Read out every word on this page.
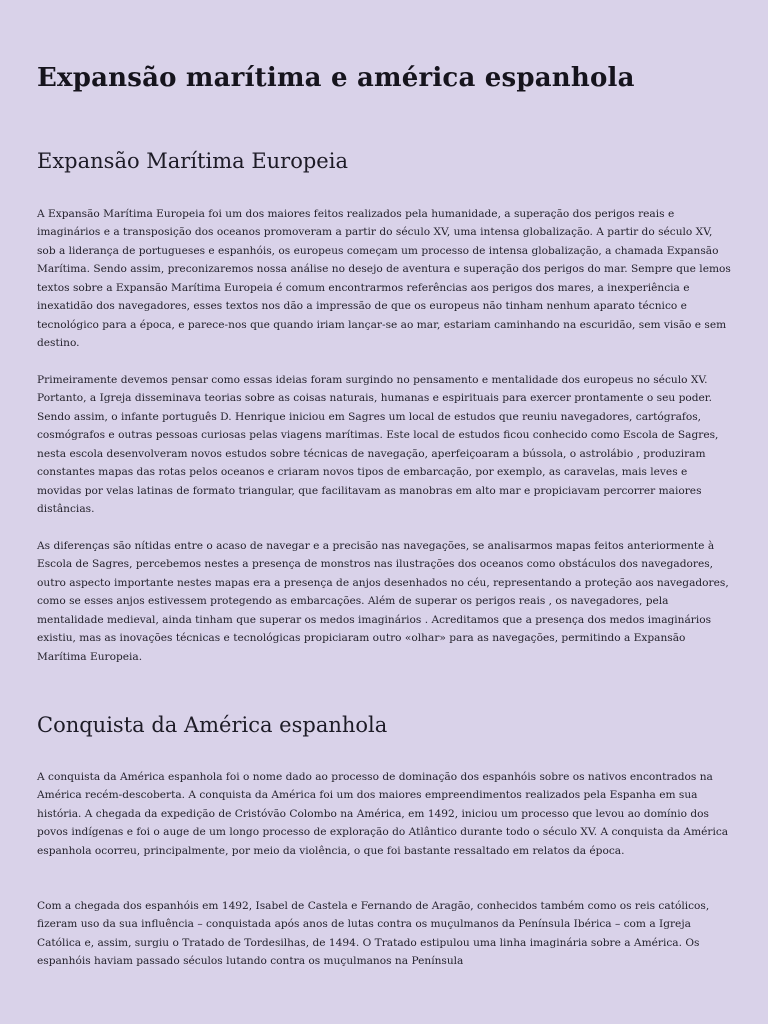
Expansão marítima e américa espanhola
Expansão Marítima Europeia

A Expansão Marítima Europeia foi um dos maiores feitos realizados pela humanidade, a superação dos perigos reais e imaginários e a transposição dos oceanos promoveram a partir do século XV, uma intensa globalização. A partir do século XV, sob a liderança de portugueses e espanhóis, os europeus começam um processo de intensa globalização, a chamada Expansão Marítima. Sendo assim, preconizaremos nossa análise no desejo de aventura e superação dos perigos do mar. Sempre que lemos textos sobre a Expansão Marítima Europeia é comum encontrarmos referências aos perigos dos mares, a inexperiência e inexatidão dos navegadores, esses textos nos dão a impressão de que os europeus não tinham nenhum aparato técnico e tecnológico para a época, e parece-nos que quando iriam lançar-se ao mar, estariam caminhando na escuridão, sem visão e sem destino.

Primeiramente devemos pensar como essas ideias foram surgindo no pensamento e mentalidade dos europeus no século XV. Portanto, a Igreja disseminava teorias sobre as coisas naturais, humanas e espirituais para exercer prontamente o seu poder. Sendo assim, o infante português D. Henrique iniciou em Sagres um local de estudos que reuniu navegadores, cartógrafos, cosmógrafos e outras pessoas curiosas pelas viagens marítimas. Este local de estudos ficou conhecido como Escola de Sagres, nesta escola desenvolveram novos estudos sobre técnicas de navegação, aperfeiçoaram a bússola, o astrolábio , produziram constantes mapas das rotas pelos oceanos e criaram novos tipos de embarcação, por exemplo, as caravelas, mais leves e movidas por velas latinas de formato triangular, que facilitavam as manobras em alto mar e propiciavam percorrer maiores distâncias.

As diferenças são nítidas entre o acaso de navegar e a precisão nas navegações, se analisarmos mapas feitos anteriormente à Escola de Sagres, percebemos nestes a presença de monstros nas ilustrações dos oceanos como obstáculos dos navegadores, outro aspecto importante nestes mapas era a presença de anjos desenhados no céu, representando a proteção aos navegadores, como se esses anjos estivessem protegendo as embarcações. Além de superar os perigos reais , os navegadores, pela mentalidade medieval, ainda tinham que superar os medos imaginários . Acreditamos que a presença dos medos imaginários existiu, mas as inovações técnicas e tecnológicas propiciaram outro «olhar» para as navegações, permitindo a Expansão Marítima Europeia.

Conquista da América espanhola

A conquista da América espanhola foi o nome dado ao processo de dominação dos espanhóis sobre os nativos encontrados na América recém-descoberta. A conquista da América foi um dos maiores empreendimentos realizados pela Espanha em sua história. A chegada da expedição de Cristóvão Colombo na América, em 1492, iniciou um processo que levou ao domínio dos povos indígenas e foi o auge de um longo processo de exploração do Atlântico durante todo o século XV. A conquista da América espanhola ocorreu, principalmente, por meio da violência, o que foi bastante ressaltado em relatos da época.

Com a chegada dos espanhóis em 1492, Isabel de Castela e Fernando de Aragão, conhecidos também como os reis católicos, fizeram uso da sua influência – conquistada após anos de lutas contra os muçulmanos da Península Ibérica – com a Igreja Católica e, assim, surgiu o Tratado de Tordesilhas, de 1494. O Tratado estipulou uma linha imaginária sobre a América. Os espanhóis haviam passado séculos lutando contra os muçulmanos na Península
